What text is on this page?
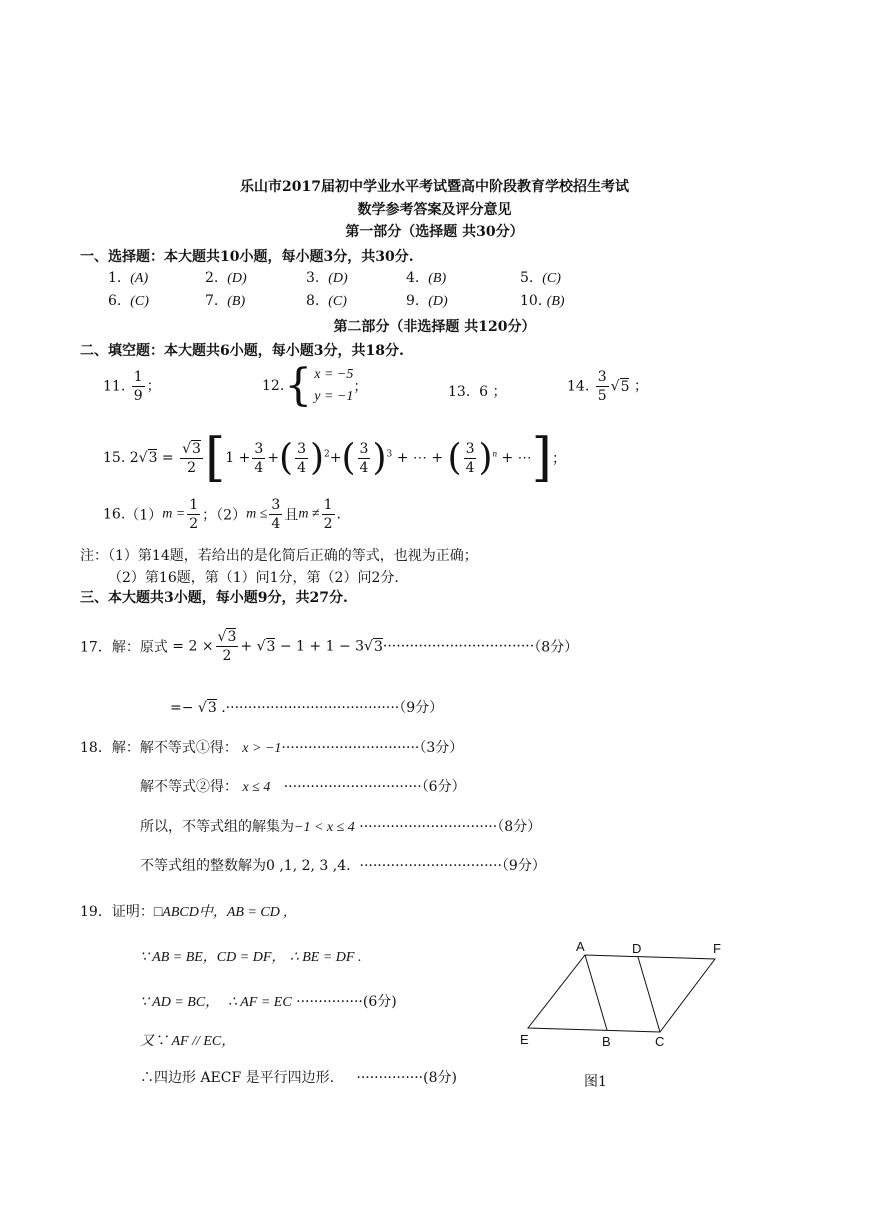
乐山市2017届初中学业水平考试暨高中阶段教育学校招生考试
数学参考答案及评分意见
第一部分（选择题 共30分）
一、选择题：本大题共10小题，每小题3分，共30分.
1. (A)	2. (D)	3. (D)	4. (B)	5. (C)
6. (C)	7. (B)	8. (C)	9. (D)	10. (B)
第二部分（非选择题 共120分）
二、填空题：本大题共6小题，每小题3分，共18分.
11. $\frac{1}{9}$ ；	12.{ x = −5
y = −1
；	13. 6 ；	14. $\frac{3}{5} √5$ ；
15. $2√3 = \frac{√3}{2} [1 + \frac{3}{4}$ +( $\frac{3}{4} )^2+( \frac{3}{4} )^3$ + ⋯ + ( $\frac{3}{4} )^n$ + ⋯]；
$16.(1)m = \frac{1}{2}$ ；$(2)m \le \frac{3}{4}$ 且$m \ne \frac{1}{2}$ .
注：（1）第14题，若给出的是化简后正确的等式，也视为正确；
（2）第16题，第（1）问1分，第（2）问2分.
三、本大题共3小题，每小题9分，共27分.
17．解：原式 = $2 \times \frac{√3}{2} + √3 - 1 + 1 - 3√3\cdot\cdot\cdot\cdot\cdot\cdot\cdot\cdot\cdot\cdot\cdot\cdot\cdot\cdot\cdot\cdot\cdot\cdot\cdot\cdot\cdot\cdot\cdot\cdot\cdot\cdot\cdot\cdot\cdot\cdot\cdot\cdot\cdot\cdot(8$分）
=− √3 .·······································（9分）
18．解：解不等式①得： x > −1·······························（3分）
解不等式②得： x ≤ 4 ·······························（6分）
所以，不等式组的解集为−1 < x ≤ 4 ·······························（8分）
不等式组的整数解为0 ,1, 2, 3 ,4.  ································（9分）
19．证明：□ABCD中，AB = CD ,
∵ AB = BE，CD = DF， ∴ BE = DF .
∵ AD = BC， ∴ AF = EC ···············(6分)
又∵ AF // EC，
∴四边形 AECF 是平行四边形. ···············(8分)
A	D	F
E	B	C
图1
